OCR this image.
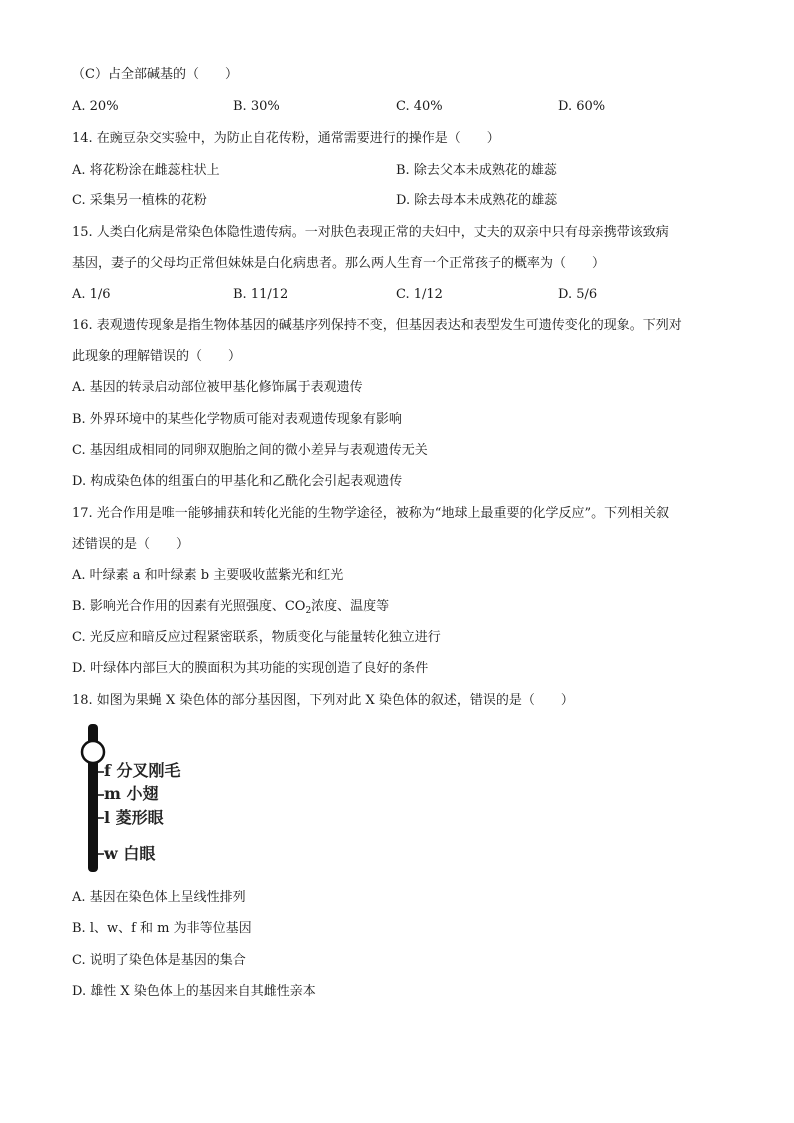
（C）占全部碱基的（　　）
A. 20%	B. 30%	C. 40%	D. 60%
14. 在豌豆杂交实验中，为防止自花传粉，通常需要进行的操作是（　　）
A. 将花粉涂在雌蕊柱状上	B. 除去父本未成熟花的雄蕊
C. 采集另一植株的花粉	D. 除去母本未成熟花的雄蕊
15. 人类白化病是常染色体隐性遗传病。一对肤色表现正常的夫妇中，丈夫的双亲中只有母亲携带该致病
基因，妻子的父母均正常但妹妹是白化病患者。那么两人生育一个正常孩子的概率为（　　）
A. 1/6	B. 11/12	C. 1/12	D. 5/6
16. 表观遗传现象是指生物体基因的碱基序列保持不变，但基因表达和表型发生可遗传变化的现象。下列对
此现象的理解错误的（　　）
A. 基因的转录启动部位被甲基化修饰属于表观遗传
B. 外界环境中的某些化学物质可能对表观遗传现象有影响
C. 基因组成相同的同卵双胞胎之间的微小差异与表观遗传无关
D. 构成染色体的组蛋白的甲基化和乙酰化会引起表观遗传
17. 光合作用是唯一能够捕获和转化光能的生物学途径，被称为“地球上最重要的化学反应”。下列相关叙
述错误的是（　　）
A. 叶绿素 a 和叶绿素 b 主要吸收蓝紫光和红光
B. 影响光合作用的因素有光照强度、$CO_2$浓度、温度等
C. 光反应和暗反应过程紧密联系，物质变化与能量转化独立进行
D. 叶绿体内部巨大的膜面积为其功能的实现创造了良好的条件
18. 如图为果蝇 X 染色体的部分基因图，下列对此 X 染色体的叙述，错误的是（　　）
f 分叉刚毛
m 小翅
l 菱形眼
w 白眼
A. 基因在染色体上呈线性排列
B. l、w、f 和 m 为非等位基因
C. 说明了染色体是基因的集合
D. 雄性 X 染色体上的基因来自其雌性亲本
